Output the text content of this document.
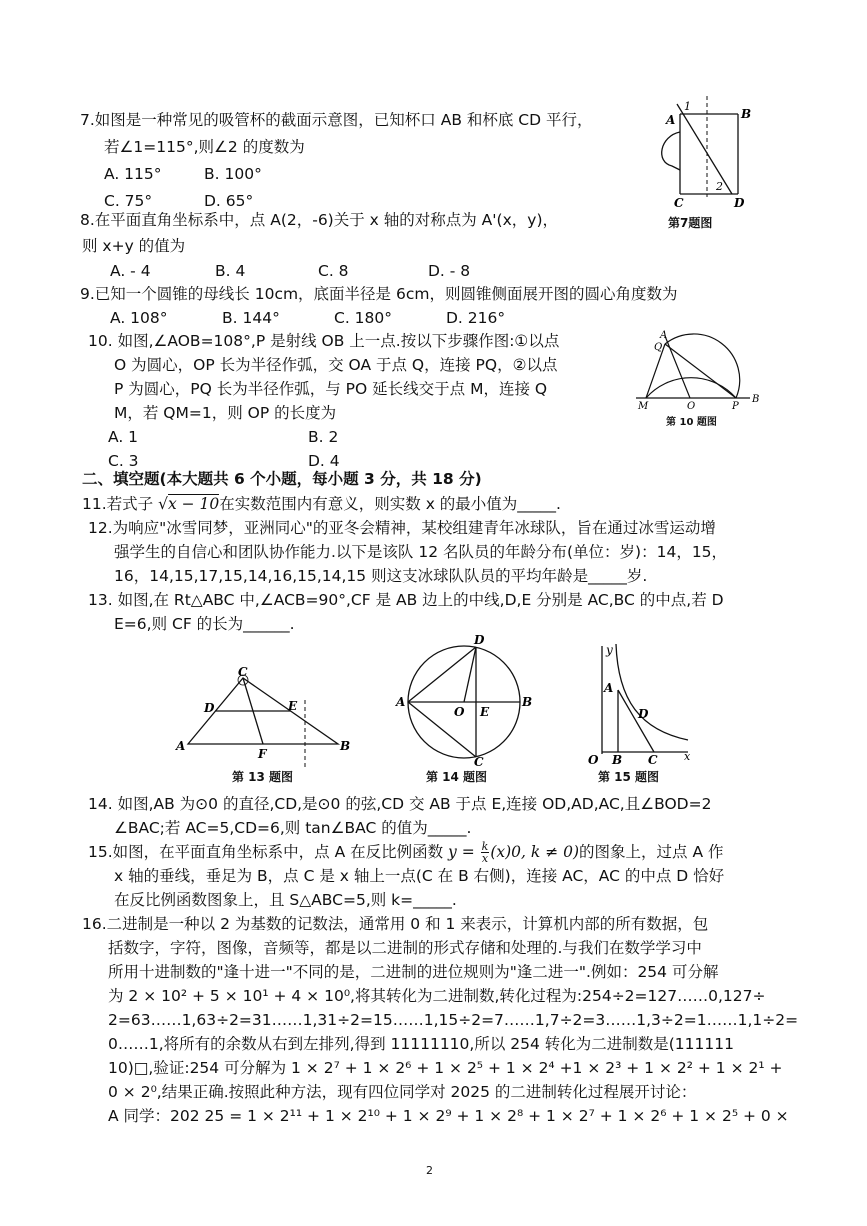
7.如图是一种常见的吸管杯的截面示意图，已知杯口 AB 和杯底 CD 平行，
若∠1=115°,则∠2 的度数为
A. 115°	B. 100°
C. 75°	D. 65°
1
A	B
2
C	D
第7题图
8.在平面直角坐标系中，点 A(2，-6)关于 x 轴的对称点为 A'(x，y)，
则 x+y 的值为
A. - 4	B. 4	C. 8	D. - 8
9.已知一个圆锥的母线长 10cm，底面半径是 6cm，则圆锥侧面展开图的圆心角度数为
A. 108°	B. 144°	C. 180°	D. 216°
10. 如图,∠AOB=108°,P 是射线 OB 上一点.按以下步骤作图:①以点
O 为圆心，OP 长为半径作弧，交 OA 于点 Q，连接 PQ，②以点
P 为圆心，PQ 长为半径作弧，与 PO 延长线交于点 M，连接 Q
M，若 QM=1，则 OP 的长度为
A. 1	B. 2
C. 3	D. 4
A
Q
M	O	P
B
第 10 题图
二、填空题(本大题共 6 个小题，每小题 3 分，共 18 分)
11.若式子 √x − 10在实数范围内有意义，则实数 x 的最小值为_____.
12.为响应"冰雪同梦，亚洲同心"的亚冬会精神，某校组建青年冰球队，旨在通过冰雪运动增
强学生的自信心和团队协作能力.以下是该队 12 名队员的年龄分布(单位：岁)：14，15，
16，14,15,17,15,14,16,15,14,15 则这支冰球队队员的平均年龄是_____岁.
13. 如图,在 Rt△ABC 中,∠ACB=90°,CF 是 AB 边上的中线,D,E 分别是 AC,BC 的中点,若 D
E=6,则 CF 的长为______.
C
D	E
A
F
B
第 13 题图
D
A
O E
B
C
第 14 题图
y
A
D
O B C x
第 15 题图
14. 如图,AB 为⊙0 的直径,CD,是⊙0 的弦,CD 交 AB 于点 E,连接 OD,AD,AC,且∠BOD=2
∠BAC;若 AC=5,CD=6,则 tan∠BAC 的值为_____.
15.如图，在平面直角坐标系中，点 A 在反比例函数 $y = \frac{k}{x} (x)0$, k ≠ 0)的图象上，过点 A 作
x 轴的垂线，垂足为 B，点 C 是 x 轴上一点(C 在 B 右侧)，连接 AC，AC 的中点 D 恰好
在反比例函数图象上，且 S△ABC=5,则 k=_____.
16.二进制是一种以 2 为基数的记数法，通常用 0 和 1 来表示，计算机内部的所有数据，包
括数字，字符，图像，音频等，都是以二进制的形式存储和处理的.与我们在数学学习中
所用十进制数的"逢十进一"不同的是，二进制的进位规则为"逢二进一".例如：254 可分解
为 2 × 10² + 5 × 10¹ + 4 × 10⁰,将其转化为二进制数,转化过程为:254÷2=127……0,127÷
2=63……1,63÷2=31……1,31÷2=15……1,15÷2=7……1,7÷2=3……1,3÷2=1……1,1÷2=
0……1,将所有的余数从右到左排列,得到 11111110,所以 254 转化为二进制数是(111111
10)□,验证:254 可分解为 1 × 2⁷ + 1 × 2⁶ + 1 × 2⁵ + 1 × 2⁴ +1 × 2³ + 1 × 2² + 1 × 2¹ +
0 × 2⁰,结果正确.按照此种方法，现有四位同学对 2025 的二进制转化过程展开讨论：
A 同学：202 25 = 1 × 2¹¹ + 1 × 2¹⁰ + 1 × 2⁹ + 1 × 2⁸ + 1 × 2⁷ + 1 × 2⁶ + 1 × 2⁵ + 0 ×
2
